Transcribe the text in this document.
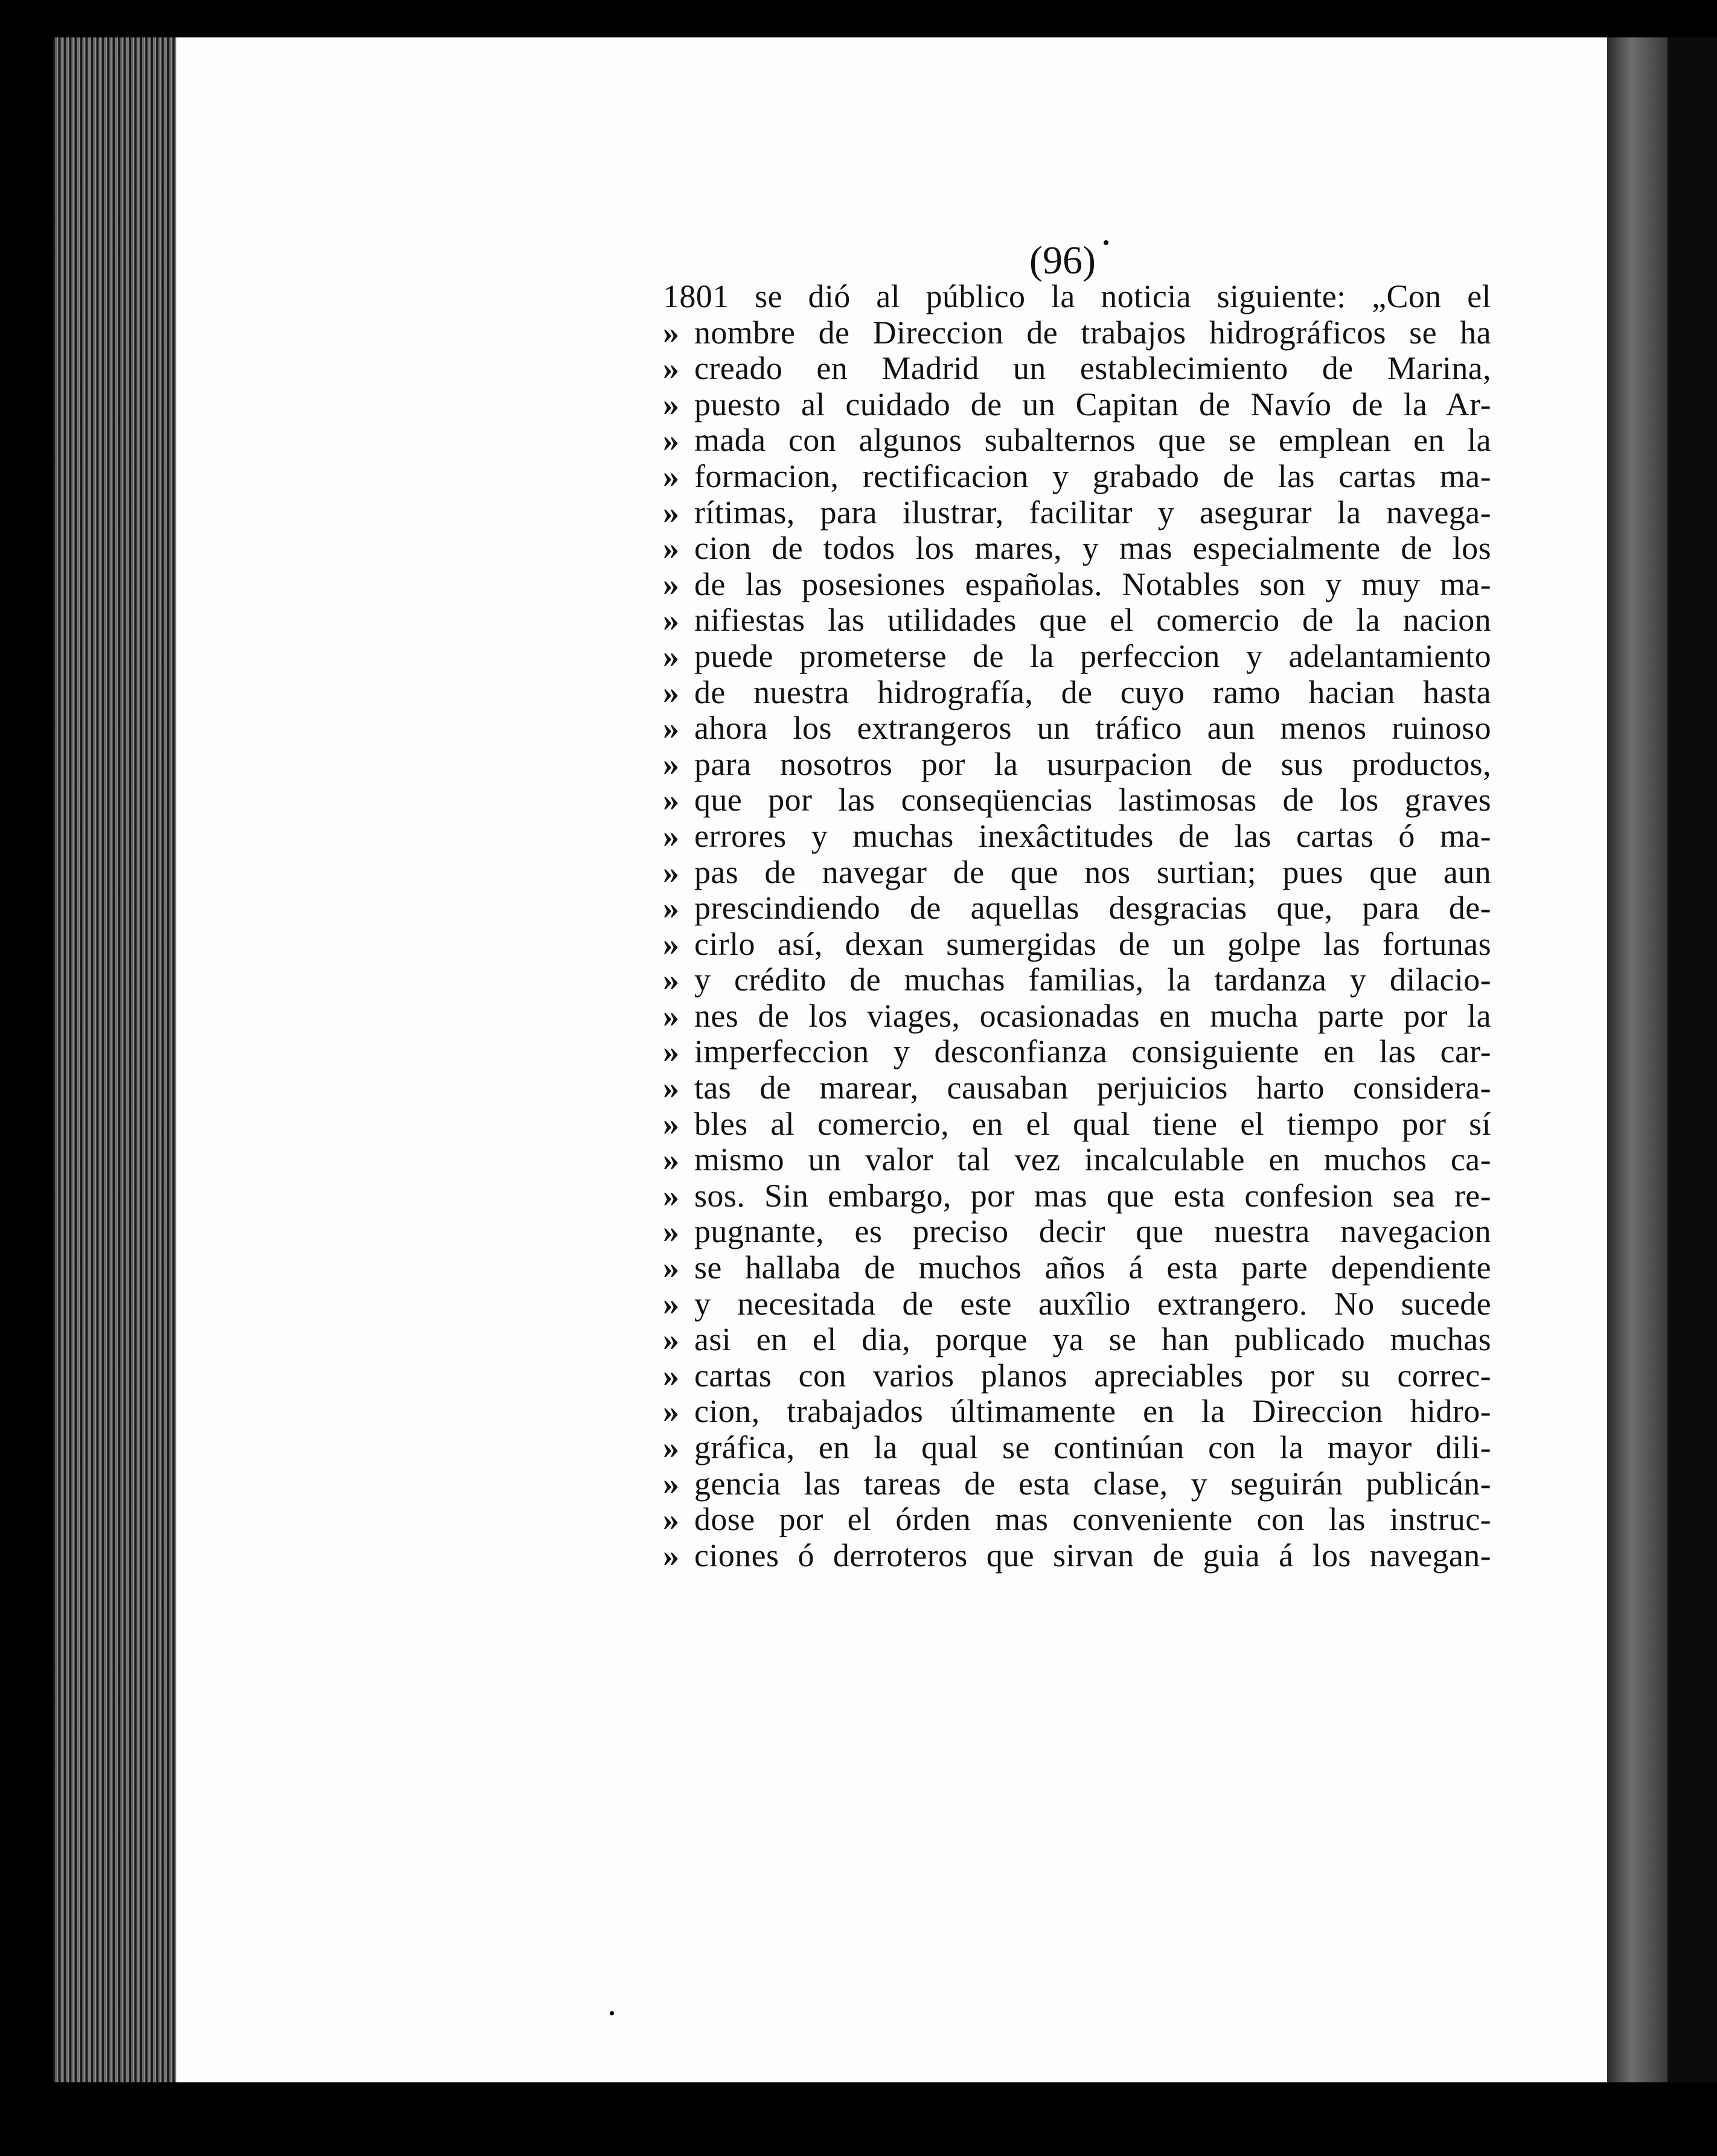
(96)
1801 se dió al público la noticia siguiente: „Con el
» nombre de Direccion de trabajos hidrográficos se ha
» creado en Madrid un establecimiento de Marina,
» puesto al cuidado de un Capitan de Navío de la Ar-
» mada con algunos subalternos que se emplean en la
» formacion, rectificacion y grabado de las cartas ma-
» rítimas, para ilustrar, facilitar y asegurar la navega-
» cion de todos los mares, y mas especialmente de los
» de las posesiones españolas. Notables son y muy ma-
» nifiestas las utilidades que el comercio de la nacion
» puede prometerse de la perfeccion y adelantamiento
» de nuestra hidrografía, de cuyo ramo hacian hasta
» ahora los extrangeros un tráfico aun menos ruinoso
» para nosotros por la usurpacion de sus productos,
» que por las conseqüencias lastimosas de los graves
» errores y muchas inexâctitudes de las cartas ó ma-
» pas de navegar de que nos surtian; pues que aun
» prescindiendo de aquellas desgracias que, para de-
» cirlo así, dexan sumergidas de un golpe las fortunas
» y crédito de muchas familias, la tardanza y dilacio-
» nes de los viages, ocasionadas en mucha parte por la
» imperfeccion y desconfianza consiguiente en las car-
» tas de marear, causaban perjuicios harto considera-
» bles al comercio, en el qual tiene el tiempo por sí
» mismo un valor tal vez incalculable en muchos ca-
» sos. Sin embargo, por mas que esta confesion sea re-
» pugnante, es preciso decir que nuestra navegacion
» se hallaba de muchos años á esta parte dependiente
» y necesitada de este auxîlio extrangero. No sucede
» asi en el dia, porque ya se han publicado muchas
» cartas con varios planos apreciables por su correc-
» cion, trabajados últimamente en la Direccion hidro-
» gráfica, en la qual se continúan con la mayor dili-
» gencia las tareas de esta clase, y seguirán publicán-
» dose por el órden mas conveniente con las instruc-
» ciones ó derroteros que sirvan de guia á los navegan-
